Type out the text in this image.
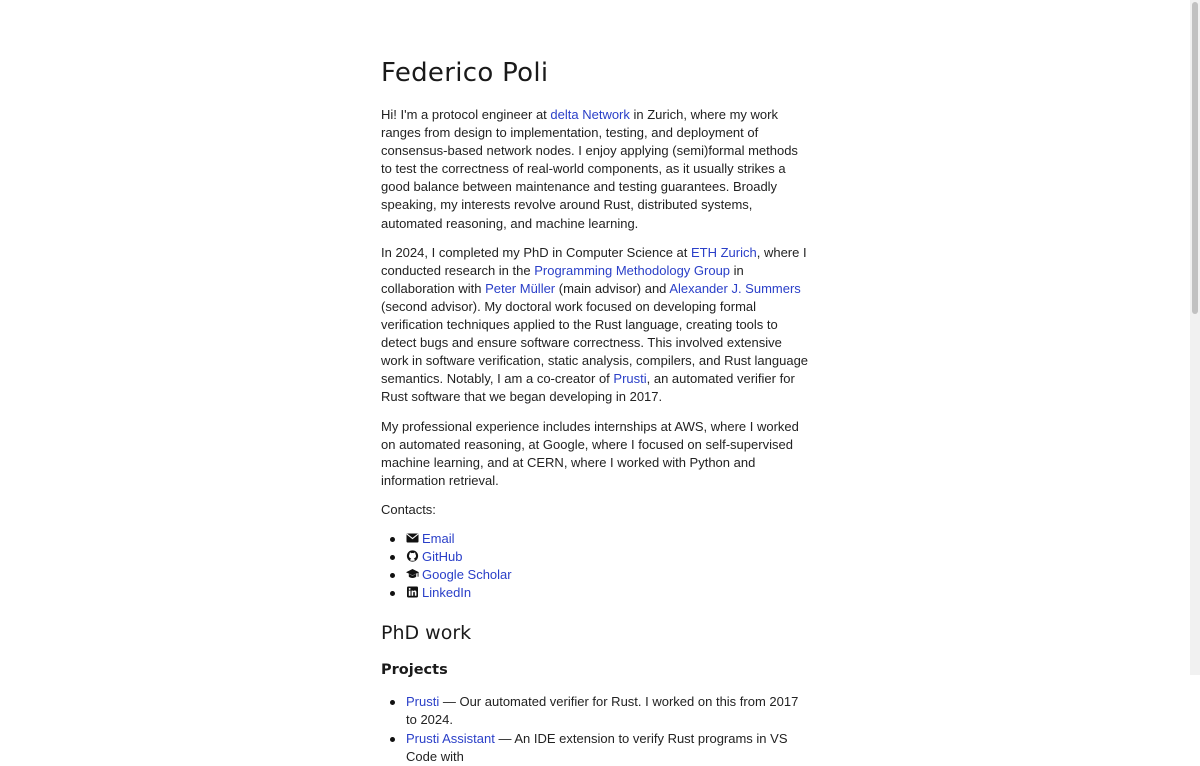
Federico Poli

Hi! I'm a protocol engineer at delta Network in Zurich, where my work ranges from design to implementation, testing, and deployment of consensus-based network nodes. I enjoy applying (semi)formal methods to test the correctness of real-world components, as it usually strikes a good balance between maintenance and testing guarantees. Broadly speaking, my interests revolve around Rust, distributed systems, automated reasoning, and machine learning.

In 2024, I completed my PhD in Computer Science at ETH Zurich, where I conducted research in the Programming Methodology Group in collaboration with Peter Müller (main advisor) and Alexander J. Summers (second advisor). My doctoral work focused on developing formal verification techniques applied to the Rust language, creating tools to detect bugs and ensure software correctness. This involved extensive work in software verification, static analysis, compilers, and Rust language semantics. Notably, I am a co-creator of Prusti, an automated verifier for Rust software that we began developing in 2017.

My professional experience includes internships at AWS, where I worked on automated reasoning, at Google, where I focused on self-supervised machine learning, and at CERN, where I worked with Python and information retrieval.

Contacts:

Email
GitHub
Google Scholar
LinkedIn
PhD work
Projects
Prusti — Our automated verifier for Rust. I worked on this from 2017 to 2024.
Prusti Assistant — An IDE extension to verify Rust programs in VS Code with
